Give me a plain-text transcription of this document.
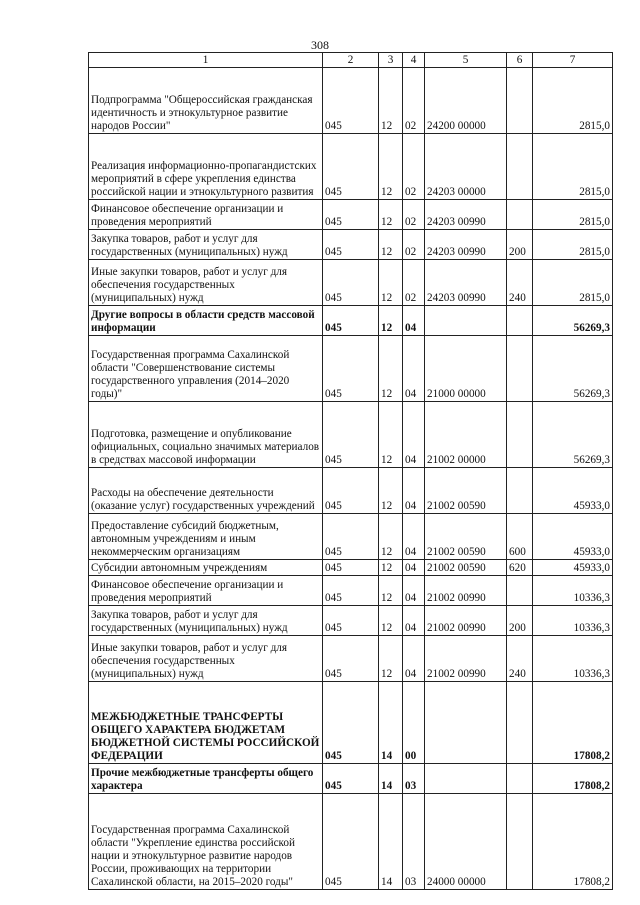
308
1	2	3	4	5	6	7
Подпрограмма "Общероссийская гражданская идентичность и этнокультурное развитие народов России"	045	12	02	24200 00000		2815,0
Реализация информационно-пропагандистских мероприятий в сфере укрепления единства российской нации и этнокультурного развития	045	12	02	24203 00000		2815,0
Финансовое обеспечение организации и проведения мероприятий	045	12	02	24203 00990		2815,0
Закупка товаров, работ и услуг для государственных (муниципальных) нужд	045	12	02	24203 00990	200	2815,0
Иные закупки товаров, работ и услуг для обеспечения государственных (муниципальных) нужд	045	12	02	24203 00990	240	2815,0
Другие вопросы в области средств массовой информации	045	12	04			56269,3
Государственная программа Сахалинской области "Совершенствование системы государственного управления (2014–2020 годы)"	045	12	04	21000 00000		56269,3
Подготовка, размещение и опубликование официальных, социально значимых материалов в средствах массовой информации	045	12	04	21002 00000		56269,3
Расходы на обеспечение деятельности (оказание услуг) государственных учреждений	045	12	04	21002 00590		45933,0
Предоставление субсидий бюджетным, автономным учреждениям и иным некоммерческим организациям	045	12	04	21002 00590	600	45933,0
Субсидии автономным учреждениям	045	12	04	21002 00590	620	45933,0
Финансовое обеспечение организации и проведения мероприятий	045	12	04	21002 00990		10336,3
Закупка товаров, работ и услуг для государственных (муниципальных) нужд	045	12	04	21002 00990	200	10336,3
Иные закупки товаров, работ и услуг для обеспечения государственных (муниципальных) нужд	045	12	04	21002 00990	240	10336,3
МЕЖБЮДЖЕТНЫЕ ТРАНСФЕРТЫ ОБЩЕГО ХАРАКТЕРА БЮДЖЕТАМ БЮДЖЕТНОЙ СИСТЕМЫ РОССИЙСКОЙ ФЕДЕРАЦИИ	045	14	00			17808,2
Прочие межбюджетные трансферты общего характера	045	14	03			17808,2
Государственная программа Сахалинской области "Укрепление единства российской нации и этнокультурное развитие народов России, проживающих на территории Сахалинской области, на 2015–2020 годы"	045	14	03	24000 00000		17808,2
